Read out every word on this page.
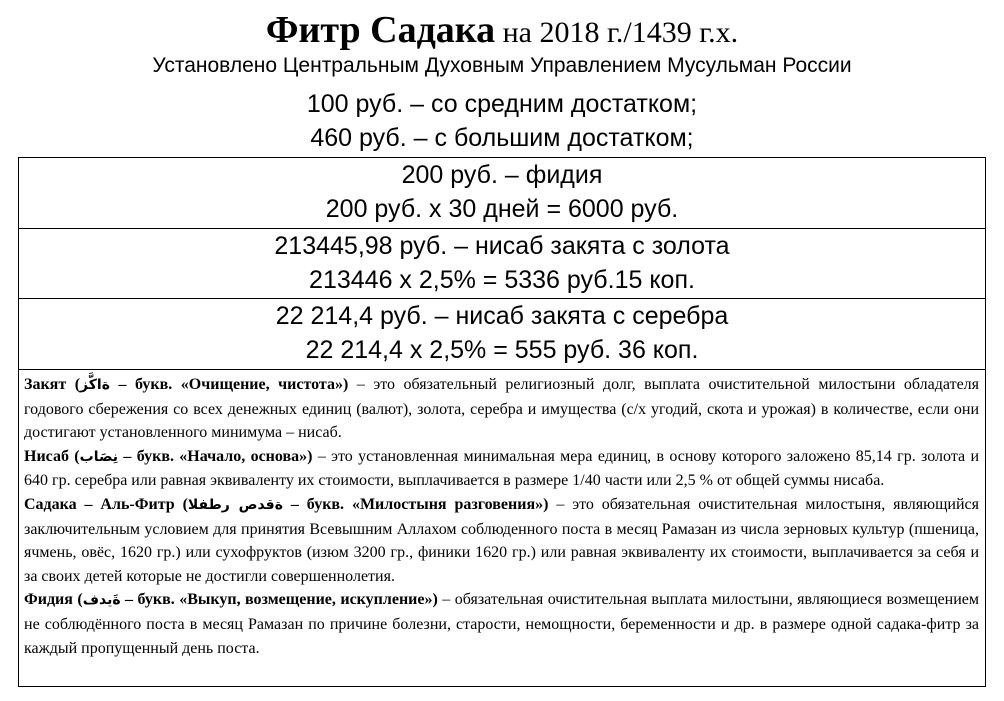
Фитр Садака на 2018 г./1439 г.х.
Установлено Центральным Духовным Управлением Мусульман России
100 руб. – со средним достатком;
460 руб. – с большим достатком;
200 руб. – фидия
200 руб. х 30 дней = 6000 руб.
213445,98 руб. – нисаб закята с золота
213446 х 2,5% = 5336 руб.15 коп.
22 214,4 руб. – нисаб закята с серебра
22 214,4 х 2,5% = 555 руб. 36 коп.

Закят (ةاكَّز – букв. «Очищение, чистота») – это обязательный религиозный долг, выплата очистительной милостыни обладателя годового сбережения со всех денежных единиц (валют), золота, серебра и имущества (с/х угодий, скота и урожая) в количестве, если они достигают установленного минимума – нисаб.

Нисаб (نِصَاب – букв. «Начало, основа») – это установленная минимальная мера единиц, в основу которого заложено 85,14 гр. золота и 640 гр. серебра или равная эквиваленту их стоимости, выплачивается в размере 1/40 части или 2,5 % от общей суммы нисаба.

Садака – Аль-Фитр (ةقدص رطفلا – букв. «Милостыня разговения») – это обязательная очистительная милостыня, являющийся заключительным условием для принятия Всевышним Аллахом соблюденного поста в месяц Рамазан из числа зерновых культур (пшеница, ячмень, овёс, 1620 гр.) или сухофруктов (изюм 3200 гр., финики 1620 гр.) или равная эквиваленту их стоимости, выплачивается за себя и за своих детей которые не достигли совершеннолетия.

Фидия (ةَيدف – букв. «Выкуп, возмещение, искупление») – обязательная очистительная выплата милостыни, являющиеся возмещением не соблюдённого поста в месяц Рамазан по причине болезни, старости, немощности, беременности и др. в размере одной садака-фитр за каждый пропущенный день поста.
